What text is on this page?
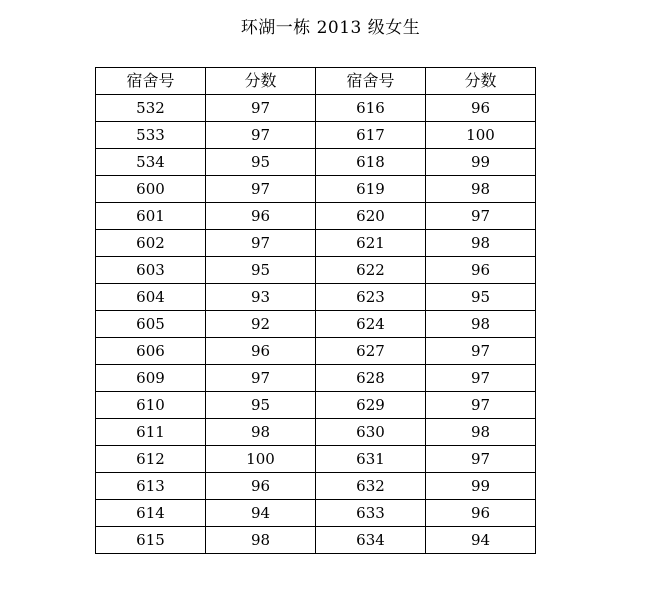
环湖一栋 2013 级女生
宿舍号	分数	宿舍号	分数
532	97	616	96
533	97	617	100
534	95	618	99
600	97	619	98
601	96	620	97
602	97	621	98
603	95	622	96
604	93	623	95
605	92	624	98
606	96	627	97
609	97	628	97
610	95	629	97
611	98	630	98
612	100	631	97
613	96	632	99
614	94	633	96
615	98	634	94
